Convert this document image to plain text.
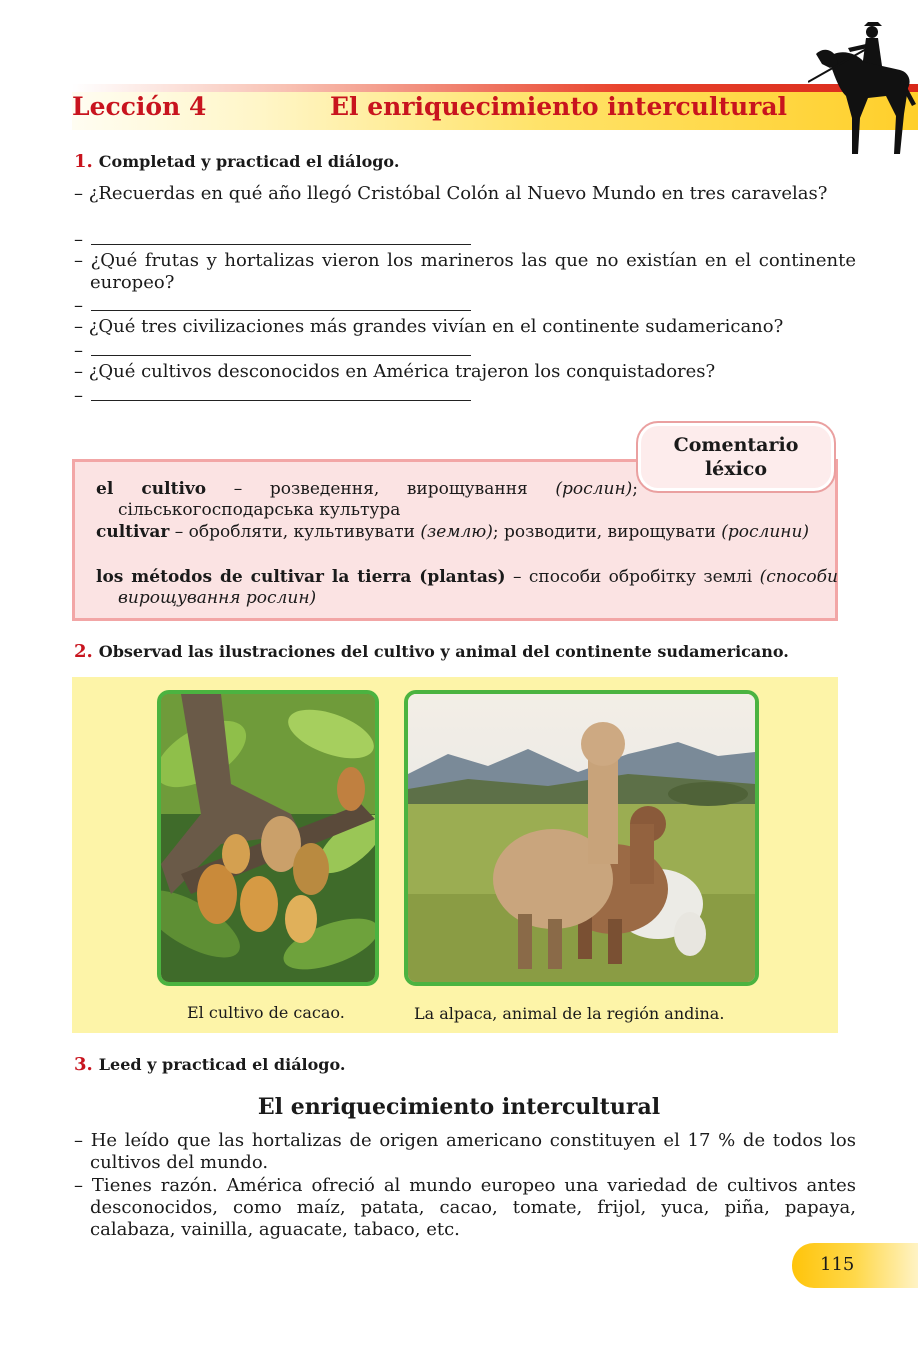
Lección 4	El enriquecimiento intercultural
1. Completad y practicad el diálogo.
– ¿Recuerdas en qué año llegó Cristóbal Colón al Nuevo Mundo en tres caravelas?
–
– ¿Qué frutas y hortalizas vieron los marineros las que no existían en el continente europeo?
–
– ¿Qué tres civilizaciones más grandes vivían en el continente sudamericano?
–
– ¿Qué cultivos desconocidos en América trajeron los conquistadores?
–
Comentario
léxico
el cultivo – розведення, вирощування (рослин); сільськогосподарська культура
cultivar – обробляти, культивувати (землю); розводити, вирощувати (рослини)
los métodos de cultivar la tierra (plantas) – способи обробітку землі (способи вирощування рослин)
2. Observad las ilustraciones del cultivo y animal del continente sudamericano.
El cultivo de cacao.	La alpaca, animal de la región andina.
3. Leed y practicad el diálogo.
El enriquecimiento intercultural
– He leído que las hortalizas de origen americano constituyen el 17 % de todos los cultivos del mundo.
– Tienes razón. América ofreció al mundo europeo una variedad de cultivos antes desconocidos, como maíz, patata, cacao, tomate, frijol, yuca, piña, papaya, calabaza, vainilla, aguacate, tabaco, etc.
115
